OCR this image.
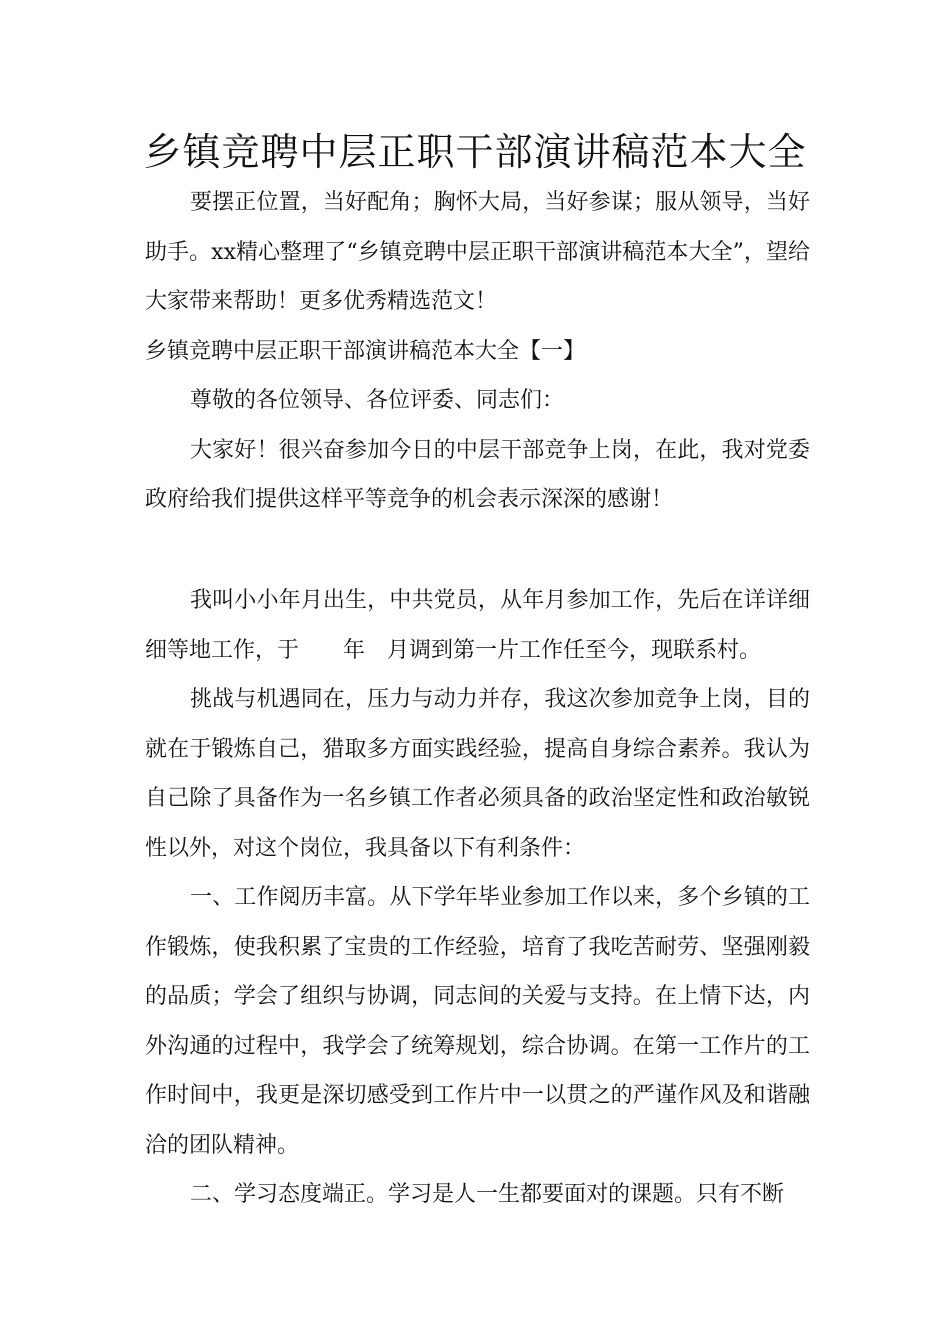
乡镇竞聘中层正职干部演讲稿范本大全

要摆正位置，当好配角；胸怀大局，当好参谋；服从领导，当好助手。xx精心整理了“乡镇竞聘中层正职干部演讲稿范本大全”，望给大家带来帮助！更多优秀精选范文！

乡镇竞聘中层正职干部演讲稿范本大全【一】

尊敬的各位领导、各位评委、同志们：

大家好！很兴奋参加今日的中层干部竞争上岗，在此，我对党委政府给我们提供这样平等竞争的机会表示深深的感谢！

我叫小小年月出生，中共党员，从年月参加工作，先后在详详细细等地工作，于　　年　月调到第一片工作任至今，现联系村。

挑战与机遇同在，压力与动力并存，我这次参加竞争上岗，目的就在于锻炼自己，猎取多方面实践经验，提高自身综合素养。我认为自己除了具备作为一名乡镇工作者必须具备的政治坚定性和政治敏锐性以外，对这个岗位，我具备以下有利条件：

一、工作阅历丰富。从下学年毕业参加工作以来，多个乡镇的工作锻炼，使我积累了宝贵的工作经验，培育了我吃苦耐劳、坚强刚毅的品质；学会了组织与协调，同志间的关爱与支持。在上情下达，内外沟通的过程中，我学会了统筹规划，综合协调。在第一工作片的工作时间中，我更是深切感受到工作片中一以贯之的严谨作风及和谐融洽的团队精神。

二、学习态度端正。学习是人一生都要面对的课题。只有不断
